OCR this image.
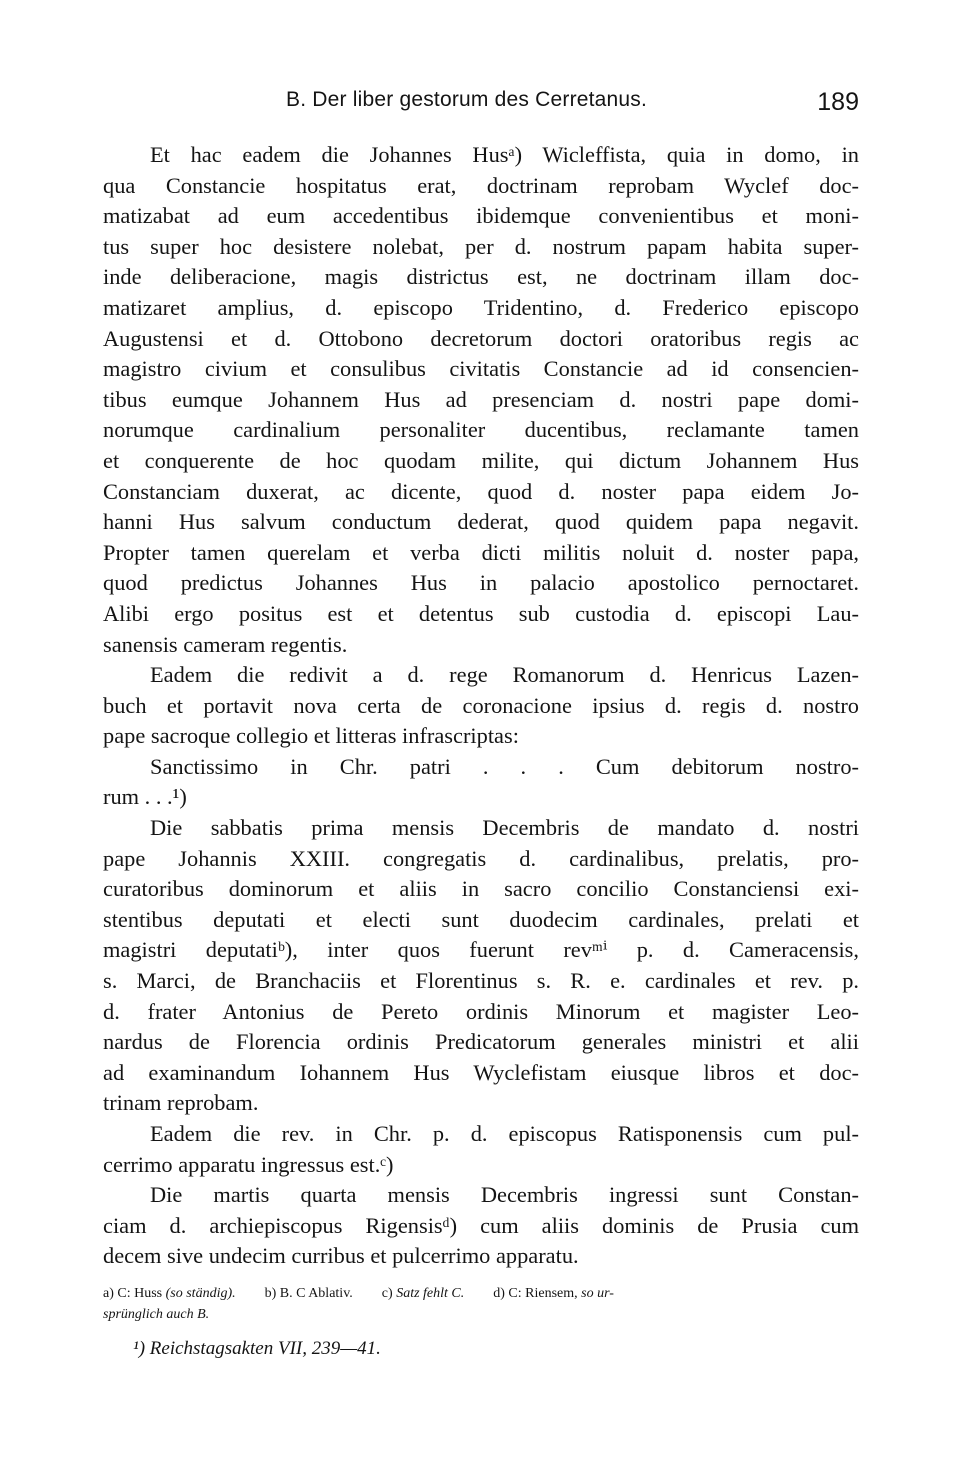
B. Der liber gestorum des Cerretanus.	189
Et hac eadem die Johannes Husᵃ) Wicleffista, quia in domo, in
qua Constancie hospitatus erat, doctrinam reprobam Wyclef doc-
matizabat ad eum accedentibus ibidemque convenientibus et moni-
tus super hoc desistere nolebat, per d. nostrum papam habita super-
inde deliberacione, magis districtus est, ne doctrinam illam doc-
matizaret amplius, d. episcopo Tridentino, d. Frederico episcopo
Augustensi et d. Ottobono decretorum doctori oratoribus regis ac
magistro civium et consulibus civitatis Constancie ad id consencien-
tibus eumque Johannem Hus ad presenciam d. nostri pape domi-
norumque cardinalium personaliter ducentibus, reclamante tamen
et conquerente de hoc quodam milite, qui dictum Johannem Hus
Constanciam duxerat, ac dicente, quod d. noster papa eidem Jo-
hanni Hus salvum conductum dederat, quod quidem papa negavit.
Propter tamen querelam et verba dicti militis noluit d. noster papa,
quod predictus Johannes Hus in palacio apostolico pernoctaret.
Alibi ergo positus est et detentus sub custodia d. episcopi Lau-
sanensis cameram regentis.
Eadem die redivit a d. rege Romanorum d. Henricus Lazen-
buch et portavit nova certa de coronacione ipsius d. regis d. nostro
pape sacroque collegio et litteras infrascriptas:
Sanctissimo in Chr. patri . . . Cum debitorum nostro-
rum . . .¹)
Die sabbatis prima mensis Decembris de mandato d. nostri
pape Johannis XXIII. congregatis d. cardinalibus, prelatis, pro-
curatoribus dominorum et aliis in sacro concilio Constanciensi exi-
stentibus deputati et electi sunt duodecim cardinales, prelati et
magistri deputatiᵇ), inter quos fuerunt revᵐⁱ p. d. Cameracensis,
s. Marci, de Branchaciis et Florentinus s. R. e. cardinales et rev. p.
d. frater Antonius de Pereto ordinis Minorum et magister Leo-
nardus de Florencia ordinis Predicatorum generales ministri et alii
ad examinandum Iohannem Hus Wyclefistam eiusque libros et doc-
trinam reprobam.
Eadem die rev. in Chr. p. d. episcopus Ratisponensis cum pul-
cerrimo apparatu ingressus est.ᶜ)
Die martis quarta mensis Decembris ingressi sunt Constan-
ciam d. archiepiscopus Rigensisᵈ) cum aliis dominis de Prusia cum
decem sive undecim curribus et pulcerrimo apparatu.
a) C: Huss (so ständig). b) B. C Ablativ. c) Satz fehlt C. d) C: Riensem, so ur-
sprünglich auch B.
¹) Reichstagsakten VII, 239—41.
